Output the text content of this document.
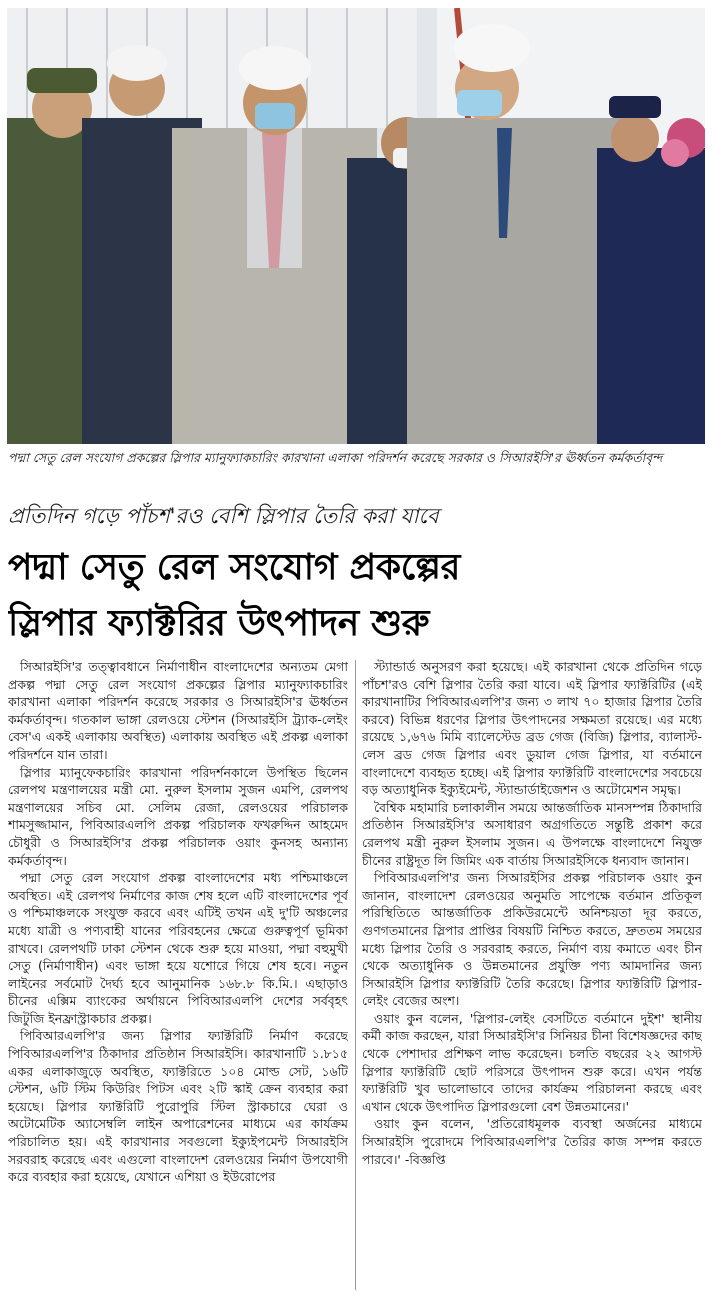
পদ্মা সেতু রেল সংযোগ প্রকল্পের স্লিপার ম্যানুফ্যাকচারিং কারখানা এলাকা পরিদর্শন করেছে সরকার ও সিআরইসি'র ঊর্ধ্বতন কর্মকর্তাবৃন্দ
প্রতিদিন গড়ে পাঁচশ'রও বেশি স্লিপার তৈরি করা যাবে
পদ্মা সেতু রেল সংযোগ প্রকল্পের
স্লিপার ফ্যাক্টরির উৎপাদন শুরু

সিআরইসি'র তত্ত্বাবধানে নির্মাণাধীন বাংলাদেশের অন্যতম মেগা প্রকল্প পদ্মা সেতু রেল সংযোগ প্রকল্পের স্লিপার ম্যানুফ্যাকচারিং কারখানা এলাকা পরিদর্শন করেছে সরকার ও সিআরইসি'র ঊর্ধ্বতন কর্মকর্তাবৃন্দ। গতকাল ভাঙ্গা রেলওয়ে স্টেশন (সিআরইসি ট্র্যাক-লেইং বেস'এ একই এলাকায় অবস্থিত) এলাকায় অবস্থিত এই প্রকল্প এলাকা পরিদর্শনে যান তারা।

স্লিপার ম্যানুফেকচারিং কারখানা পরিদর্শনকালে উপস্থিত ছিলেন রেলপথ মন্ত্রণালয়ের মন্ত্রী মো. নুরুল ইসলাম সুজন এমপি, রেলপথ মন্ত্রণালয়ের সচিব মো. সেলিম রেজা, রেলওয়ের পরিচালক শামসুজ্জামান, পিবিআরএলপি প্রকল্প পরিচালক ফখরুদ্দিন আহমেদ চৌধুরী ও সিআরইসি'র প্রকল্প পরিচালক ওয়াং কুনসহ অন্যান্য কর্মকর্তাবৃন্দ।

পদ্মা সেতু রেল সংযোগ প্রকল্প বাংলাদেশের মধ্য পশ্চিমাঞ্চলে অবস্থিত। এই রেলপথ নির্মাণের কাজ শেষ হলে এটি বাংলাদেশের পূর্ব ও পশ্চিমাঞ্চলকে সংযুক্ত করবে এবং এটিই তখন এই দু'টি অঞ্চলের মধ্যে যাত্রী ও পণ্যবাহী যানের পরিবহনের ক্ষেত্রে গুরুত্বপূর্ণ ভূমিকা রাখবে। রেলপথটি ঢাকা স্টেশন থেকে শুরু হয়ে মাওয়া, পদ্মা বহুমুখী সেতু (নির্মাণাধীন) এবং ভাঙ্গা হয়ে যশোরে গিয়ে শেষ হবে। নতুন লাইনের সর্বমোট দৈর্ঘ্য হবে আনুমানিক ১৬৮.৮ কি.মি.। এছাড়াও চীনের এক্সিম ব্যাংকের অর্থায়নে পিবিআরএলপি দেশের সর্ববৃহৎ জিটুজি ইনফ্রাস্ট্রাকচার প্রকল্প।

পিবিআরএলপি'র জন্য স্লিপার ফ্যাক্টরিটি নির্মাণ করেছে পিবিআরএলপি'র ঠিকাদার প্রতিষ্ঠান সিআরইসি। কারখানাটি ১.৮১৫ একর এলাকাজুড়ে অবস্থিত, ফ্যাক্টরিতে ১০৪ মোল্ড সেট, ১৬টি স্টেশন, ৬টি স্টিম কিউরিং পিটস এবং ২টি স্কাই ক্রেন ব্যবহার করা হয়েছে। স্লিপার ফ্যাক্টরিটি পুরোপুরি স্টিল স্ট্রাকচারে ঘেরা ও অটোমেটিক অ্যাসেম্বলি লাইন অপারেশনের মাধ্যমে এর কার্যক্রম পরিচালিত হয়। এই কারখানার সবগুলো ইক্যুইপমেন্ট সিআরইসি সরবরাহ করেছে এবং এগুলো বাংলাদেশ রেলওয়ের নির্মাণ উপযোগী করে ব্যবহার করা হয়েছে, যেখানে এশিয়া ও ইউরোপের

স্ট্যান্ডার্ড অনুসরণ করা হয়েছে। এই কারখানা থেকে প্রতিদিন গড়ে পাঁচশ'রও বেশি স্লিপার তৈরি করা যাবে। এই স্লিপার ফ্যাক্টরিটির (এই কারখানাটির পিবিআরএলপি'র জন্য ৩ লাখ ৭০ হাজার স্লিপার তৈরি করবে) বিভিন্ন ধরণের স্লিপার উৎপাদনের সক্ষমতা রয়েছে। এর মধ্যে রয়েছে ১,৬৭৬ মিমি ব্যালেস্টেড ব্রড গেজ (বিজি) স্লিপার, ব্যালাস্ট-লেস ব্রড গেজ স্লিপার এবং ডুয়াল গেজ স্লিপার, যা বর্তমানে বাংলাদেশে ব্যবহৃত হচ্ছে। এই স্লিপার ফ্যাক্টরিটি বাংলাদেশের সবচেয়ে বড় অত্যাধুনিক ইক্যুইমেন্ট, স্ট্যান্ডার্ডাইজেশন ও অটোমেশন সমৃদ্ধ।

বৈশ্বিক মহামারি চলাকালীন সময়ে আন্তর্জাতিক মানসম্পন্ন ঠিকাদারি প্রতিষ্ঠান সিআরইসি'র অসাধারণ অগ্রগতিতে সন্তুষ্টি প্রকাশ করে রেলপথ মন্ত্রী নুরুল ইসলাম সুজন। এ উপলক্ষে বাংলাদেশে নিযুক্ত চীনের রাষ্ট্রদূত লি জিমিং এক বার্তায় সিআরইসিকে ধন্যবাদ জানান।

পিবিআরএলপি'র জন্য সিআরইসির প্রকল্প পরিচালক ওয়াং কুন জানান, বাংলাদেশ রেলওয়ের অনুমতি সাপেক্ষে বর্তমান প্রতিকূল পরিস্থিতিতে আন্তর্জাতিক প্রকিউরমেন্টে অনিশ্চয়তা দূর করতে, গুণগতমানের স্লিপার প্রাপ্তির বিষয়টি নিশ্চিত করতে, দ্রুততম সময়ের মধ্যে স্লিপার তৈরি ও সরবরাহ করতে, নির্মাণ ব্যয় কমাতে এবং চীন থেকে অত্যাধুনিক ও উন্নতমানের প্রযুক্তি পণ্য আমদানির জন্য সিআরইসি স্লিপার ফ্যাক্টরিটি তৈরি করেছে। স্লিপার ফ্যাক্টরিটি স্লিপার-লেইং বেজের অংশ।

ওয়াং কুন বলেন, 'স্লিপার-লেইং বেসটিতে বর্তমানে দুইশ' স্থানীয় কর্মী কাজ করছেন, যারা সিআরইসি'র সিনিয়র চীনা বিশেষজ্ঞদের কাছ থেকে পেশাদার প্রশিক্ষণ লাভ করেছেন। চলতি বছরের ২২ আগস্ট স্লিপার ফ্যাক্টরিটি ছোট পরিসরে উৎপাদন শুরু করে। এখন পর্যন্ত ফ্যাক্টরিটি খুব ভালোভাবে তাদের কার্যক্রম পরিচালনা করছে এবং এখান থেকে উৎপাদিত স্লিপারগুলো বেশ উন্নতমানের।'

ওয়াং কুন বলেন, 'প্রতিরোধমূলক ব্যবস্থা অর্জনের মাধ্যমে সিআরইসি পুরোদমে পিবিআরএলপি'র তৈরির কাজ সম্পন্ন করতে পারবে।' -বিজ্ঞপ্তি
